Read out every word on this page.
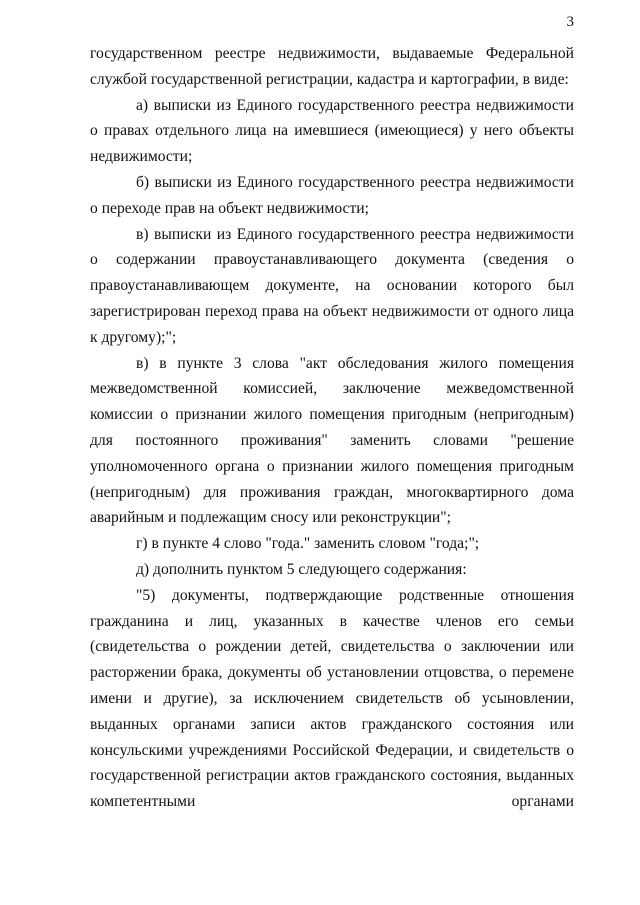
3

государственном реестре недвижимости, выдаваемые Федеральной службой государственной регистрации, кадастра и картографии, в виде:

а) выписки из Единого государственного реестра недвижимости о правах отдельного лица на имевшиеся (имеющиеся) у него объекты недвижимости;

б) выписки из Единого государственного реестра недвижимости о переходе прав на объект недвижимости;

в) выписки из Единого государственного реестра недвижимости о содержании правоустанавливающего документа (сведения о правоустанавливающем документе, на основании которого был зарегистрирован переход права на объект недвижимости от одного лица к другому);";

в) в пункте 3 слова "акт обследования жилого помещения межведомственной комиссией, заключение межведомственной комиссии о признании жилого помещения пригодным (непригодным) для постоянного проживания" заменить словами "решение уполномоченного органа о признании жилого помещения пригодным (непригодным) для проживания граждан, многоквартирного дома аварийным и подлежащим сносу или реконструкции";

г) в пункте 4 слово "года." заменить словом "года;";

д) дополнить пунктом 5 следующего содержания:

"5) документы, подтверждающие родственные отношения гражданина и лиц, указанных в качестве членов его семьи (свидетельства о рождении детей, свидетельства о заключении или расторжении брака, документы об установлении отцовства, о перемене имени и другие), за исключением свидетельств об усыновлении, выданных органами записи актов гражданского состояния или консульскими учреждениями Российской Федерации, и свидетельств о государственной регистрации актов гражданского состояния, выданных компетентными органами
